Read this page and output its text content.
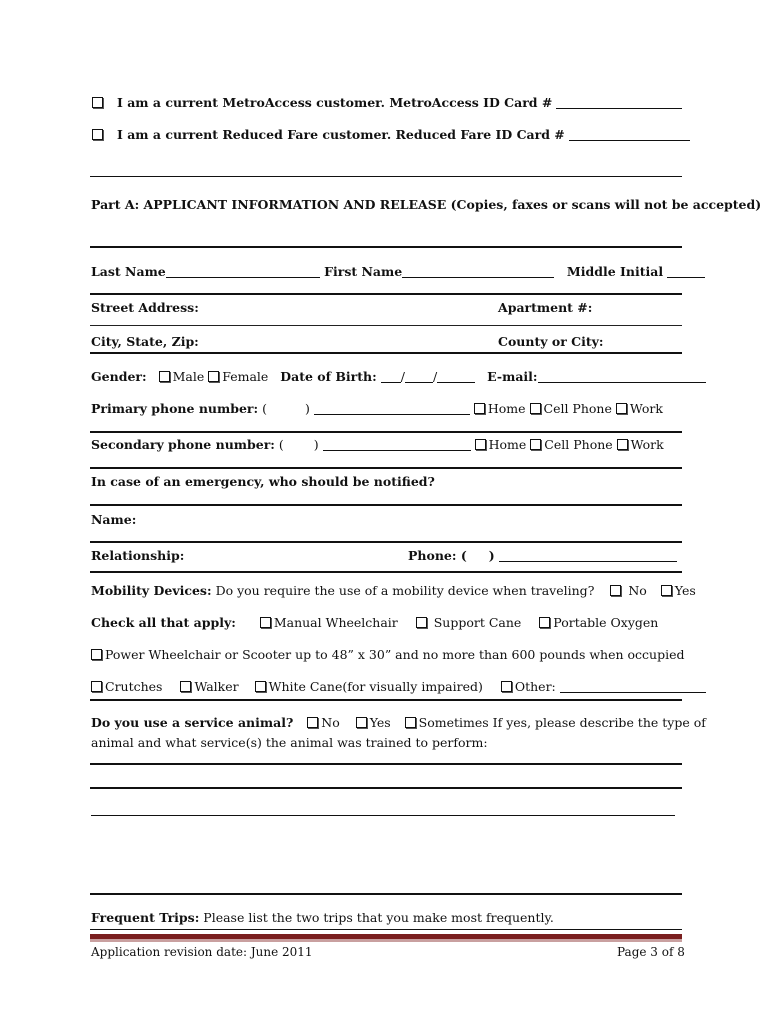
I am a current MetroAccess customer. MetroAccess ID Card #
I am a current Reduced Fare customer. Reduced Fare ID Card #
Part A: APPLICANT INFORMATION AND RELEASE (Copies, faxes or scans will not be accepted)
Last Name	First Name	Middle Initial
Street Address:	Apartment #:
City, State, Zip:	County or City:
Gender: Male Female Date of Birth: / /	E-mail:
Primary phone number: (	)	Home Cell Phone Work
Secondary phone number: ( )	Home Cell Phone Work
In case of an emergency, who should be notified?
Name:
Relationship:	Phone: ( )
Mobility Devices: Do you require the use of a mobility device when traveling?	No Yes
Check all that apply:	Manual Wheelchair	Support Cane	Portable Oxygen
Power Wheelchair or Scooter up to 48” x 30” and no more than 600 pounds when occupied
Crutches	Walker White Cane(for visually impaired)	Other:
Do you use a service animal? No Yes Sometimes If yes, please describe the type of
animal and what service(s) the animal was trained to perform:
Frequent Trips: Please list the two trips that you make most frequently.
Application revision date: June 2011	Page 3 of 8
